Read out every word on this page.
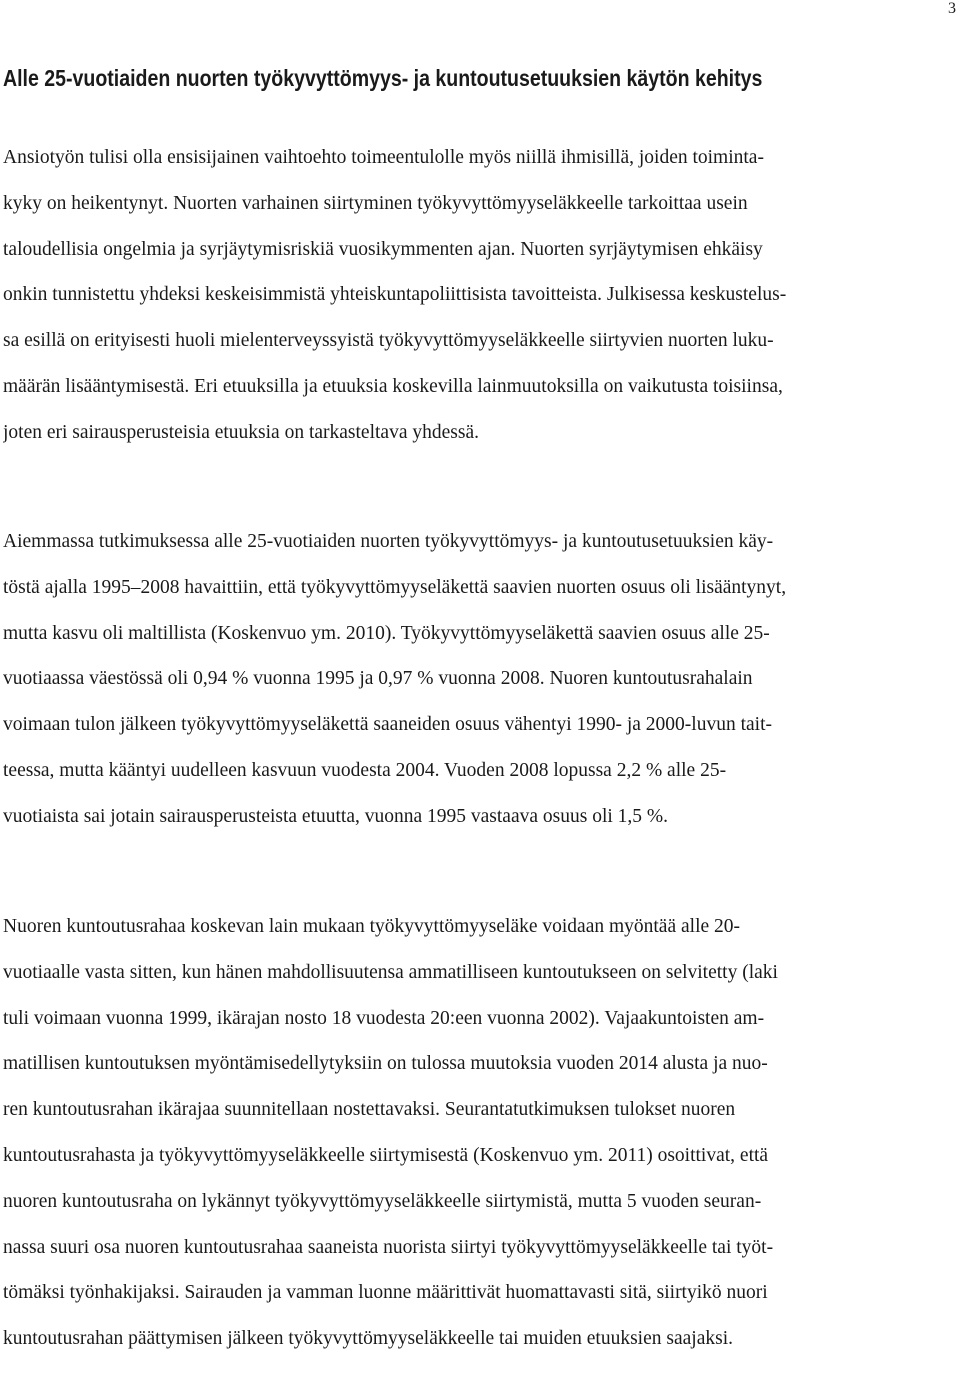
3
Alle 25-vuotiaiden nuorten työkyvyttömyys- ja kuntoutusetuuksien käytön kehitys
Ansiotyön tulisi olla ensisijainen vaihtoehto toimeentulolle myös niillä ihmisillä, joiden toiminta-
kyky on heikentynyt. Nuorten varhainen siirtyminen työkyvyttömyyseläkkeelle tarkoittaa usein
taloudellisia ongelmia ja syrjäytymisriskiä vuosikymmenten ajan. Nuorten syrjäytymisen ehkäisy
onkin tunnistettu yhdeksi keskeisimmistä yhteiskuntapoliittisista tavoitteista. Julkisessa keskustelus-
sa esillä on erityisesti huoli mielenterveyssyistä työkyvyttömyyseläkkeelle siirtyvien nuorten luku-
määrän lisääntymisestä. Eri etuuksilla ja etuuksia koskevilla lainmuutoksilla on vaikutusta toisiinsa,
joten eri sairausperusteisia etuuksia on tarkasteltava yhdessä.
Aiemmassa tutkimuksessa alle 25-vuotiaiden nuorten työkyvyttömyys- ja kuntoutusetuuksien käy-
töstä ajalla 1995–2008 havaittiin, että työkyvyttömyyseläkettä saavien nuorten osuus oli lisääntynyt,
mutta kasvu oli maltillista (Koskenvuo ym. 2010). Työkyvyttömyyseläkettä saavien osuus alle 25-
vuotiaassa väestössä oli 0,94 % vuonna 1995 ja 0,97 % vuonna 2008. Nuoren kuntoutusrahalain
voimaan tulon jälkeen työkyvyttömyyseläkettä saaneiden osuus vähentyi 1990- ja 2000-luvun tait-
teessa, mutta kääntyi uudelleen kasvuun vuodesta 2004. Vuoden 2008 lopussa 2,2 % alle 25-
vuotiaista sai jotain sairausperusteista etuutta, vuonna 1995 vastaava osuus oli 1,5 %.
Nuoren kuntoutusrahaa koskevan lain mukaan työkyvyttömyyseläke voidaan myöntää alle 20-
vuotiaalle vasta sitten, kun hänen mahdollisuutensa ammatilliseen kuntoutukseen on selvitetty (laki
tuli voimaan vuonna 1999, ikärajan nosto 18 vuodesta 20:een vuonna 2002). Vajaakuntoisten am-
matillisen kuntoutuksen myöntämisedellytyksiin on tulossa muutoksia vuoden 2014 alusta ja nuo-
ren kuntoutusrahan ikärajaa suunnitellaan nostettavaksi. Seurantatutkimuksen tulokset nuoren
kuntoutusrahasta ja työkyvyttömyyseläkkeelle siirtymisestä (Koskenvuo ym. 2011) osoittivat, että
nuoren kuntoutusraha on lykännyt työkyvyttömyyseläkkeelle siirtymistä, mutta 5 vuoden seuran-
nassa suuri osa nuoren kuntoutusrahaa saaneista nuorista siirtyi työkyvyttömyyseläkkeelle tai työt-
tömäksi työnhakijaksi. Sairauden ja vamman luonne määrittivät huomattavasti sitä, siirtyikö nuori
kuntoutusrahan päättymisen jälkeen työkyvyttömyyseläkkeelle tai muiden etuuksien saajaksi.
